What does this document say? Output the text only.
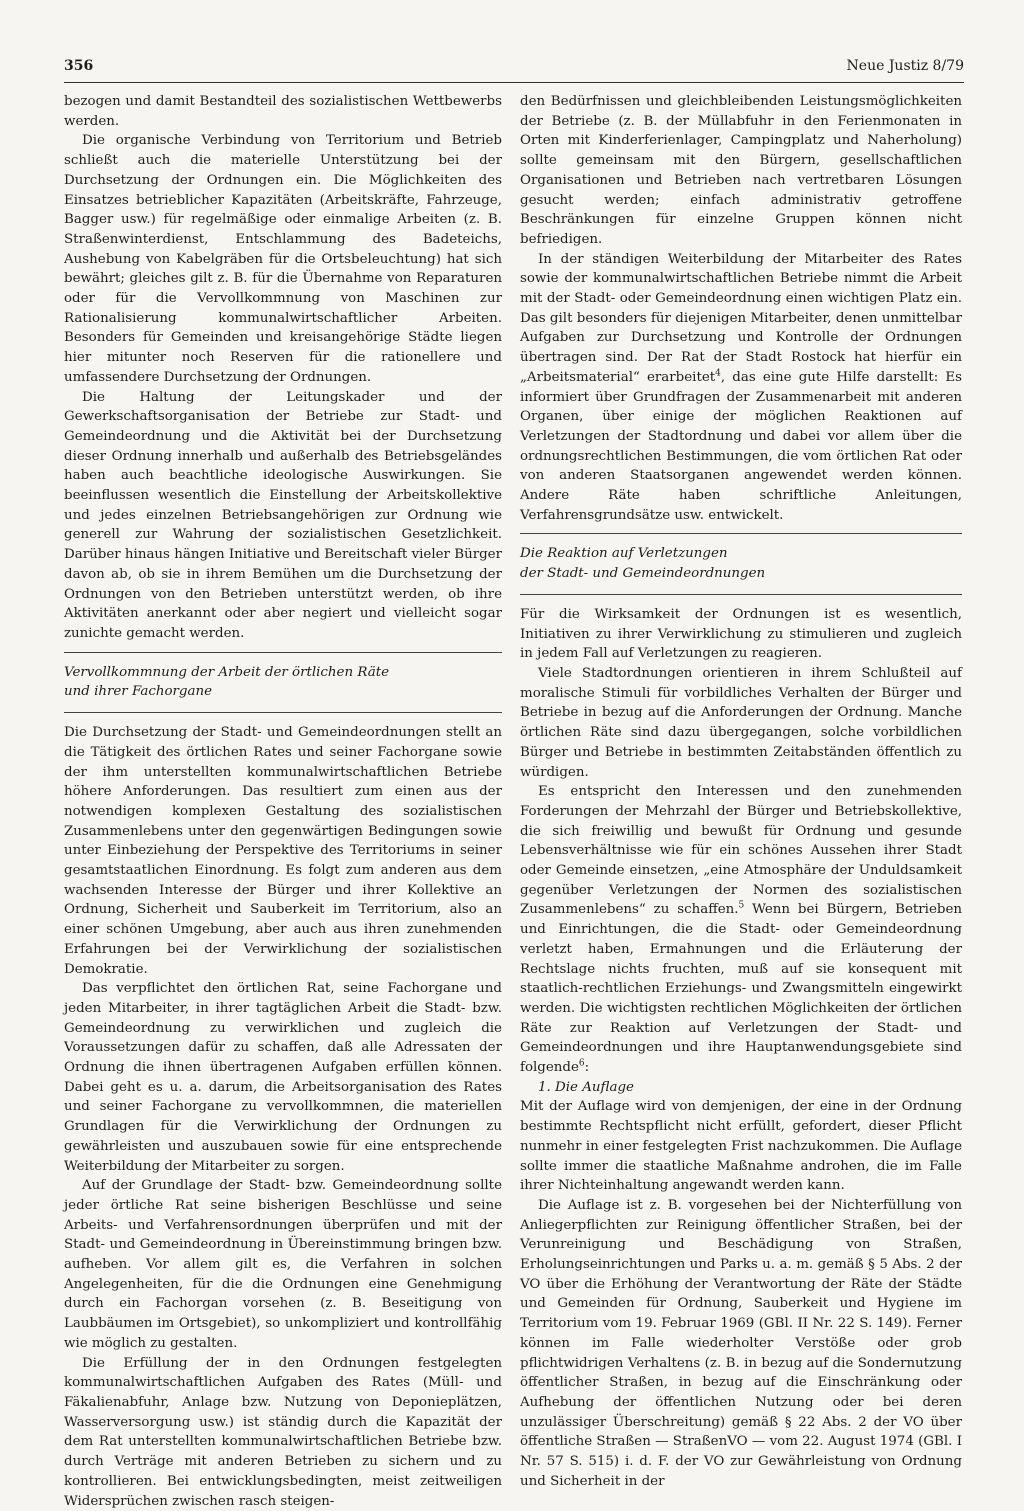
356	Neue Justiz 8/79

bezogen und damit Bestandteil des sozialistischen Wettbewerbs werden.

Die organische Verbindung von Territorium und Betrieb schließt auch die materielle Unterstützung bei der Durchsetzung der Ordnungen ein. Die Möglichkeiten des Einsatzes betrieblicher Kapazitäten (Arbeitskräfte, Fahrzeuge, Bagger usw.) für regelmäßige oder einmalige Arbeiten (z. B. Straßenwinterdienst, Entschlammung des Badeteichs, Aushebung von Kabelgräben für die Ortsbeleuchtung) hat sich bewährt; gleiches gilt z. B. für die Übernahme von Reparaturen oder für die Vervollkommnung von Maschinen zur Rationalisierung kommunalwirtschaftlicher Arbeiten. Besonders für Gemeinden und kreisangehörige Städte liegen hier mitunter noch Reserven für die rationellere und umfassendere Durchsetzung der Ordnungen.

Die Haltung der Leitungskader und der Gewerkschaftsorganisation der Betriebe zur Stadt- und Gemeindeordnung und die Aktivität bei der Durchsetzung dieser Ordnung innerhalb und außerhalb des Betriebsgeländes haben auch beachtliche ideologische Auswirkungen. Sie beeinflussen wesentlich die Einstellung der Arbeitskollektive und jedes einzelnen Betriebsangehörigen zur Ordnung wie generell zur Wahrung der sozialistischen Gesetzlichkeit. Darüber hinaus hängen Initiative und Bereitschaft vieler Bürger davon ab, ob sie in ihrem Bemühen um die Durchsetzung der Ordnungen von den Betrieben unterstützt werden, ob ihre Aktivitäten anerkannt oder aber negiert und vielleicht sogar zunichte gemacht werden.

Vervollkommnung der Arbeit der örtlichen Räte
und ihrer Fachorgane

Die Durchsetzung der Stadt- und Gemeindeordnungen stellt an die Tätigkeit des örtlichen Rates und seiner Fachorgane sowie der ihm unterstellten kommunalwirtschaftlichen Betriebe höhere Anforderungen. Das resultiert zum einen aus der notwendigen komplexen Gestaltung des sozialistischen Zusammenlebens unter den gegenwärtigen Bedingungen sowie unter Einbeziehung der Perspektive des Territoriums in seiner gesamtstaatlichen Einordnung. Es folgt zum anderen aus dem wachsenden Interesse der Bürger und ihrer Kollektive an Ordnung, Sicherheit und Sauberkeit im Territorium, also an einer schönen Umgebung, aber auch aus ihren zunehmenden Erfahrungen bei der Verwirklichung der sozialistischen Demokratie.

Das verpflichtet den örtlichen Rat, seine Fachorgane und jeden Mitarbeiter, in ihrer tagtäglichen Arbeit die Stadt- bzw. Gemeindeordnung zu verwirklichen und zugleich die Voraussetzungen dafür zu schaffen, daß alle Adressaten der Ordnung die ihnen übertragenen Aufgaben erfüllen können. Dabei geht es u. a. darum, die Arbeitsorganisation des Rates und seiner Fachorgane zu vervollkommnen, die materiellen Grundlagen für die Verwirklichung der Ordnungen zu gewährleisten und auszubauen sowie für eine entsprechende Weiterbildung der Mitarbeiter zu sorgen.

Auf der Grundlage der Stadt- bzw. Gemeindeordnung sollte jeder örtliche Rat seine bisherigen Beschlüsse und seine Arbeits- und Verfahrensordnungen überprüfen und mit der Stadt- und Gemeindeordnung in Übereinstimmung bringen bzw. aufheben. Vor allem gilt es, die Verfahren in solchen Angelegenheiten, für die die Ordnungen eine Genehmigung durch ein Fachorgan vorsehen (z. B. Beseitigung von Laubbäumen im Ortsgebiet), so unkompliziert und kontrollfähig wie möglich zu gestalten.

Die Erfüllung der in den Ordnungen festgelegten kommunalwirtschaftlichen Aufgaben des Rates (Müll- und Fäkalienabfuhr, Anlage bzw. Nutzung von Deponieplätzen, Wasserversorgung usw.) ist ständig durch die Kapazität der dem Rat unterstellten kommunalwirtschaftlichen Betriebe bzw. durch Verträge mit anderen Betrieben zu sichern und zu kontrollieren. Bei entwicklungsbedingten, meist zeitweiligen Widersprüchen zwischen rasch steigen-

den Bedürfnissen und gleichbleibenden Leistungsmöglichkeiten der Betriebe (z. B. der Müllabfuhr in den Ferienmonaten in Orten mit Kinderferienlager, Campingplatz und Naherholung) sollte gemeinsam mit den Bürgern, gesellschaftlichen Organisationen und Betrieben nach vertretbaren Lösungen gesucht werden; einfach administrativ getroffene Beschränkungen für einzelne Gruppen können nicht befriedigen.

In der ständigen Weiterbildung der Mitarbeiter des Rates sowie der kommunalwirtschaftlichen Betriebe nimmt die Arbeit mit der Stadt- oder Gemeindeordnung einen wichtigen Platz ein. Das gilt besonders für diejenigen Mitarbeiter, denen unmittelbar Aufgaben zur Durchsetzung und Kontrolle der Ordnungen übertragen sind. Der Rat der Stadt Rostock hat hierfür ein „Arbeitsmaterial“ erarbeitet$^4$, das eine gute Hilfe darstellt: Es informiert über Grundfragen der Zusammenarbeit mit anderen Organen, über einige der möglichen Reaktionen auf Verletzungen der Stadtordnung und dabei vor allem über die ordnungsrechtlichen Bestimmungen, die vom örtlichen Rat oder von anderen Staatsorganen angewendet werden können. Andere Räte haben schriftliche Anleitungen, Verfahrensgrundsätze usw. entwickelt.

Die Reaktion auf Verletzungen
der Stadt- und Gemeindeordnungen

Für die Wirksamkeit der Ordnungen ist es wesentlich, Initiativen zu ihrer Verwirklichung zu stimulieren und zugleich in jedem Fall auf Verletzungen zu reagieren.

Viele Stadtordnungen orientieren in ihrem Schlußteil auf moralische Stimuli für vorbildliches Verhalten der Bürger und Betriebe in bezug auf die Anforderungen der Ordnung. Manche örtlichen Räte sind dazu übergegangen, solche vorbildlichen Bürger und Betriebe in bestimmten Zeitabständen öffentlich zu würdigen.

Es entspricht den Interessen und den zunehmenden Forderungen der Mehrzahl der Bürger und Betriebskollektive, die sich freiwillig und bewußt für Ordnung und gesunde Lebensverhältnisse wie für ein schönes Aussehen ihrer Stadt oder Gemeinde einsetzen, „eine Atmosphäre der Unduldsamkeit gegenüber Verletzungen der Normen des sozialistischen Zusammenlebens“ zu schaffen.$^5$ Wenn bei Bürgern, Betrieben und Einrichtungen, die die Stadt- oder Gemeindeordnung verletzt haben, Ermahnungen und die Erläuterung der Rechtslage nichts fruchten, muß auf sie konsequent mit staatlich-rechtlichen Erziehungs- und Zwangsmitteln eingewirkt werden. Die wichtigsten rechtlichen Möglichkeiten der örtlichen Räte zur Reaktion auf Verletzungen der Stadt- und Gemeindeordnungen und ihre Hauptanwendungsgebiete sind folgende$^6$:

1. Die Auflage

Mit der Auflage wird von demjenigen, der eine in der Ordnung bestimmte Rechtspflicht nicht erfüllt, gefordert, dieser Pflicht nunmehr in einer festgelegten Frist nachzukommen. Die Auflage sollte immer die staatliche Maßnahme androhen, die im Falle ihrer Nichteinhaltung angewandt werden kann.

Die Auflage ist z. B. vorgesehen bei der Nichterfüllung von Anliegerpflichten zur Reinigung öffentlicher Straßen, bei der Verunreinigung und Beschädigung von Straßen, Erholungseinrichtungen und Parks u. a. m. gemäß § 5 Abs. 2 der VO über die Erhöhung der Verantwortung der Räte der Städte und Gemeinden für Ordnung, Sauberkeit und Hygiene im Territorium vom 19. Februar 1969 (GBl. II Nr. 22 S. 149). Ferner können im Falle wiederholter Verstöße oder grob pflichtwidrigen Verhaltens (z. B. in bezug auf die Sondernutzung öffentlicher Straßen, in bezug auf die Einschränkung oder Aufhebung der öffentlichen Nutzung oder bei deren unzulässiger Überschreitung) gemäß § 22 Abs. 2 der VO über öffentliche Straßen — StraßenVO — vom 22. August 1974 (GBl. I Nr. 57 S. 515) i. d. F. der VO zur Gewährleistung von Ordnung und Sicherheit in der
